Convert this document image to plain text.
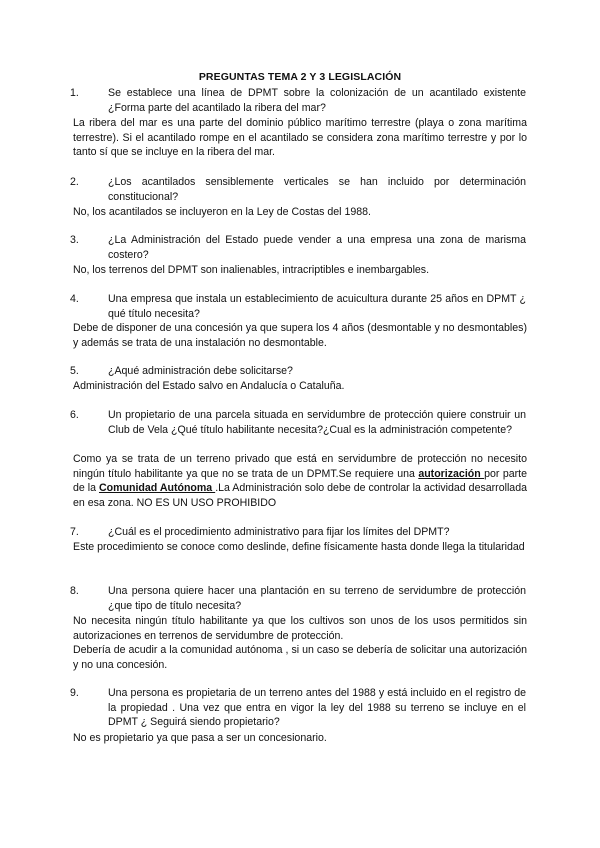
PREGUNTAS TEMA 2 Y 3 LEGISLACIÓN
1.	Se establece una línea de DPMT sobre la colonización de un acantilado existente ¿Forma parte del acantilado la ribera del mar?

La ribera del mar es una parte del dominio público marítimo terrestre (playa o zona marítima terrestre). Si el acantilado rompe en el acantilado se considera zona marítimo terrestre y por lo tanto sí que se incluye en la ribera del mar.

2.	¿Los acantilados sensiblemente verticales se han incluido por determinación constitucional?

No, los acantilados se incluyeron en la Ley de Costas del 1988.

3.	¿La Administración del Estado puede vender a una empresa una zona de marisma costero?

No, los terrenos del DPMT son inalienables, intracriptibles e inembargables.

4.	Una empresa que instala un establecimiento de acuicultura durante 25 años en DPMT ¿ qué título necesita?

Debe de disponer de una concesión ya que supera los 4 años (desmontable y no desmontables) y además se trata de una instalación no desmontable.

5.	¿Aqué administración debe solicitarse?

Administración del Estado salvo en Andalucía o Cataluña.

6.	Un propietario de una parcela situada en servidumbre de protección quiere construir un Club de Vela ¿Qué título habilitante necesita?¿Cual es la administración competente?

Como ya se trata de un terreno privado que está en servidumbre de protección no necesito ningún título habilitante ya que no se trata de un DPMT.Se requiere una autorización por parte de la Comunidad Autónoma .La Administración solo debe de controlar la actividad desarrollada en esa zona. NO ES UN USO PROHIBIDO

7.	¿Cuál es el procedimiento administrativo para fijar los límites del DPMT?

Este procedimiento se conoce como deslinde, define físicamente hasta donde llega la titularidad

8.	Una persona quiere hacer una plantación en su terreno de servidumbre de protección ¿que tipo de título necesita?

No necesita ningún título habilitante ya que los cultivos son unos de los usos permitidos sin autorizaciones en terrenos de servidumbre de protección.

Debería de acudir a la comunidad autónoma , si un caso se debería de solicitar una autorización y no una concesión.

9.	Una persona es propietaria de un terreno antes del 1988 y está incluido en el registro de la propiedad . Una vez que entra en vigor la ley del 1988 su terreno se incluye en el DPMT ¿ Seguirá siendo propietario?

No es propietario ya que pasa a ser un concesionario.
